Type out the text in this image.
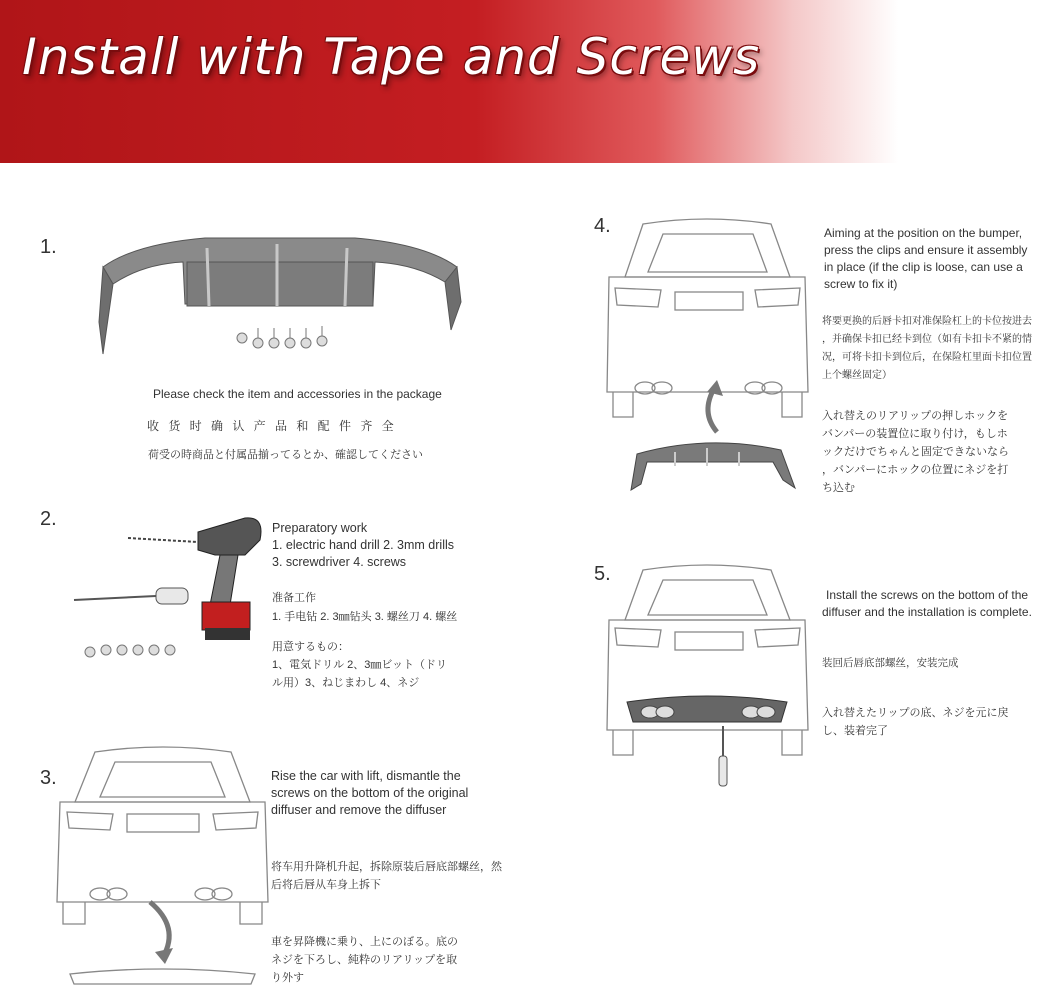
Install with Tape and Screws
1.
Please check the item and accessories in the package
收 货 时 确 认 产 品 和 配 件 齐 全
荷受の時商品と付属品揃ってるとか、確認してください
2.	Preparatory work
1. electric hand drill 2. 3mm drills
3. screwdriver 4. screws
准备工作
1. 手电钻 2. 3㎜钻头 3. 螺丝刀 4. 螺丝
用意するもの：
1、電気ドリル 2、3㎜ビット（ドリ
ル用）3、ねじまわし 4、ネジ
3.	Rise the car with lift, dismantle the
screws on the bottom of the original
diffuser and remove the diffuser
将车用升降机升起，拆除原装后唇底部螺丝，然
后将后唇从车身上拆下
車を昇降機に乗り、上にのぼる。底の
ネジを下ろし、純粋のリアリップを取
り外す
4.	Aiming at the position on the bumper,
press the clips and ensure it assembly
in place (if the clip is loose, can use a
screw to fix it)
将要更换的后唇卡扣对准保险杠上的卡位按进去
，并确保卡扣已经卡到位（如有卡扣卡不紧的情
况，可将卡扣卡到位后，在保险杠里面卡扣位置
上个螺丝固定）
入れ替えのリアリップの押しホックを
バンパーの装置位に取り付け，もしホ
ックだけでちゃんと固定できないなら
，バンパーにホックの位置にネジを打
ち込む
5.
Install the screws on the bottom of the
diffuser and the installation is complete.
装回后唇底部螺丝，安装完成
入れ替えたリップの底、ネジを元に戻
し、装着完了
